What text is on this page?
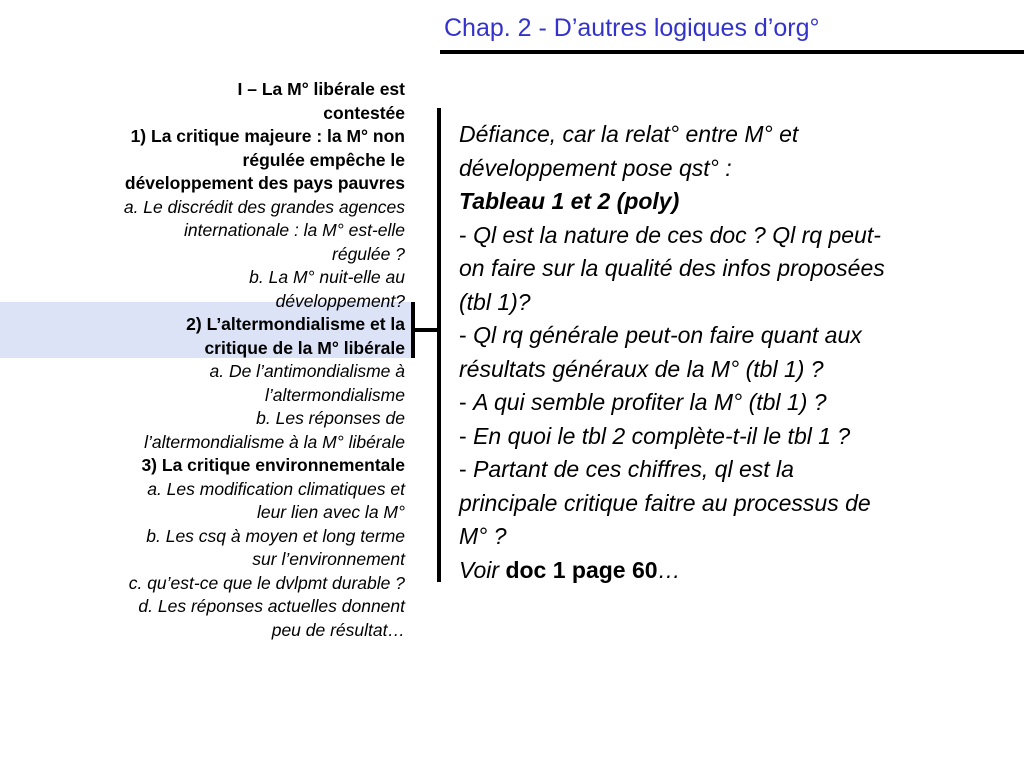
Chap. 2 - D’autres logiques d’org°
I – La M° libérale est
contestée
1) La critique majeure : la M° non
régulée empêche le
développement des pays pauvres
a. Le discrédit des grandes agences
internationale : la M° est-elle
régulée ?
b. La M° nuit-elle au
développement?
2) L’altermondialisme et la
critique de la M° libérale
a. De l’antimondialisme à
l’altermondialisme
b. Les réponses de
l’altermondialisme à la M° libérale
3) La critique environnementale
a. Les modification climatiques et
leur lien avec la M°
b. Les csq à moyen et long terme
sur l’environnement
c. qu’est-ce que le dvlpmt durable ?
d. Les réponses actuelles donnent
peu de résultat…
Défiance, car la relat° entre M° et
développement pose qst° :
Tableau 1 et 2 (poly)
- Ql est la nature de ces doc ? Ql rq peut-
on faire sur la qualité des infos proposées
(tbl 1)?
- Ql rq générale peut-on faire quant aux
résultats généraux de la M° (tbl 1) ?
- A qui semble profiter la M° (tbl 1) ?
- En quoi le tbl 2 complète-t-il le tbl 1 ?
- Partant de ces chiffres, ql est la
principale critique faitre au processus de
M° ?
Voir doc 1 page 60…
